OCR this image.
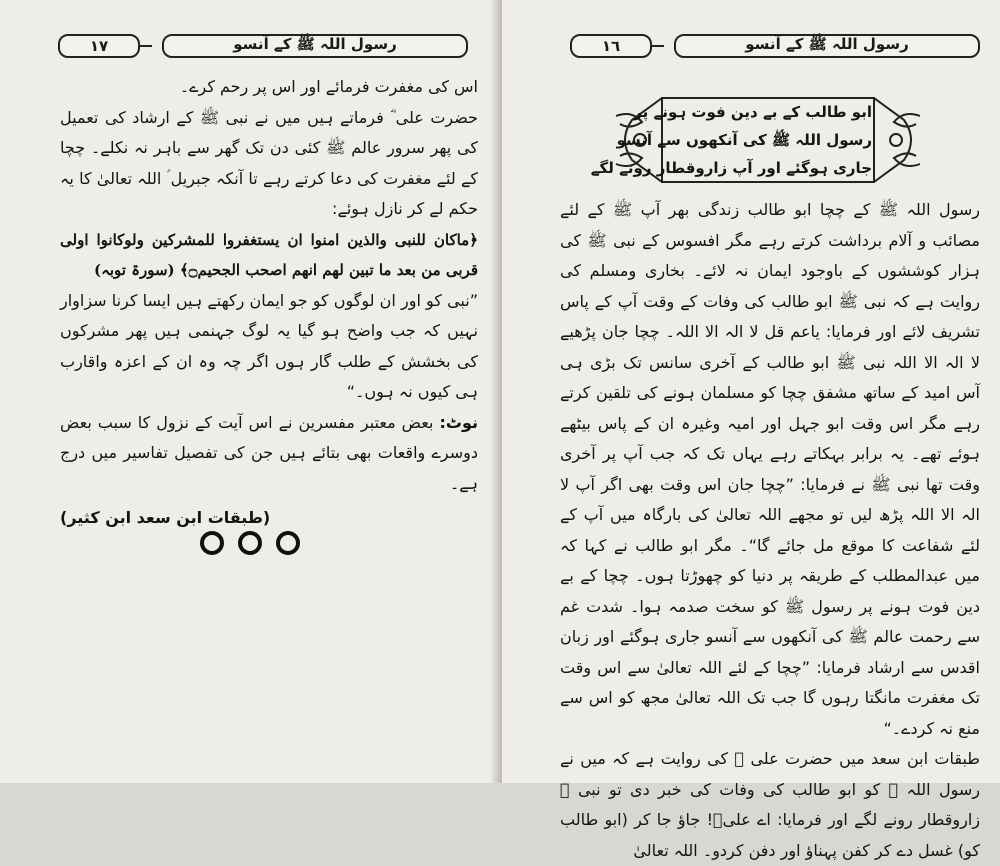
١٧	رسول اللہ ﷺ کے آنسو

اس کی مغفرت فرمائے اور اس پر رحم کرے۔

حضرت علی ؓ فرماتے ہیں میں نے نبی ﷺ کے ارشاد کی تعمیل کی پھر سرور عالم ﷺ کئی دن تک گھر سے باہر نہ نکلے۔ چچا کے لئے مغفرت کی دعا کرتے رہے تا آنکہ جبریل ؑ اللہ تعالیٰ کا یہ حکم لے کر نازل ہوئے:

﴿ماکان للنبی والذین امنوا ان یستغفروا للمشرکین ولوکانوا اولی قربی من بعد ما تبین لھم انھم اصحب الجحیم۝﴾ (سورۃ توبہ)

”نبی کو اور ان لوگوں کو جو ایمان رکھتے ہیں ایسا کرنا سزاوار نہیں کہ جب واضح ہو گیا یہ لوگ جہنمی ہیں پھر مشرکوں کی بخشش کے طلب گار ہوں اگر چہ وہ ان کے اعزہ واقارب ہی کیوں نہ ہوں۔“

نوٹ: بعض معتبر مفسرین نے اس آیت کے نزول کا سبب بعض دوسرے واقعات بھی بتائے ہیں جن کی تفصیل تفاسیر میں درج ہے۔

(طبقات ابن سعد ابن کثیر)

١٦	رسول اللہ ﷺ کے آنسو
ابو طالب کے بے دین فوت ہونے پر
رسول اللہ ﷺ کی آنکھوں سے آنسو
جاری ہوگئے اور آپ زاروقطار رونے لگے

رسول اللہ ﷺ کے چچا ابو طالب زندگی بھر آپ ﷺ کے لئے مصائب و آلام برداشت کرتے رہے مگر افسوس کے نبی ﷺ کی ہزار کوششوں کے باوجود ایمان نہ لائے۔ بخاری ومسلم کی روایت ہے کہ نبی ﷺ ابو طالب کی وفات کے وقت آپ کے پاس تشریف لائے اور فرمایا: یاعم قل لا الہ الا اللہ۔ چچا جان پڑھیے لا الہ الا اللہ نبی ﷺ ابو طالب کے آخری سانس تک بڑی ہی آس امید کے ساتھ مشفق چچا کو مسلمان ہونے کی تلقین کرتے رہے مگر اس وقت ابو جہل اور امیہ وغیرہ ان کے پاس بیٹھے ہوئے تھے۔ یہ برابر بہکاتے رہے یہاں تک کہ جب آپ پر آخری وقت تھا نبی ﷺ نے فرمایا: ”چچا جان اس وقت بھی اگر آپ لا الہ الا اللہ پڑھ لیں تو مجھے اللہ تعالیٰ کی بارگاہ میں آپ کے لئے شفاعت کا موقع مل جائے گا“۔ مگر ابو طالب نے کہا کہ میں عبدالمطلب کے طریقہ پر دنیا کو چھوڑتا ہوں۔ چچا کے بے دین فوت ہونے پر رسول ﷺ کو سخت صدمہ ہوا۔ شدت غم سے رحمت عالم ﷺ کی آنکھوں سے آنسو جاری ہوگئے اور زبان اقدس سے ارشاد فرمایا: ”چچا کے لئے اللہ تعالیٰ سے اس وقت تک مغفرت مانگتا رہوں گا جب تک اللہ تعالیٰ مجھ کو اس سے منع نہ کردے۔“

طبقات ابن سعد میں حضرت علی ؓ کی روایت ہے کہ میں نے رسول اللہ ﷺ کو ابو طالب کی وفات کی خبر دی تو نبی ﷺ زاروقطار رونے لگے اور فرمایا: اے علیؓ! جاؤ جا کر (ابو طالب کو) غسل دے کر کفن پہناؤ اور دفن کردو۔ اللہ تعالیٰ
